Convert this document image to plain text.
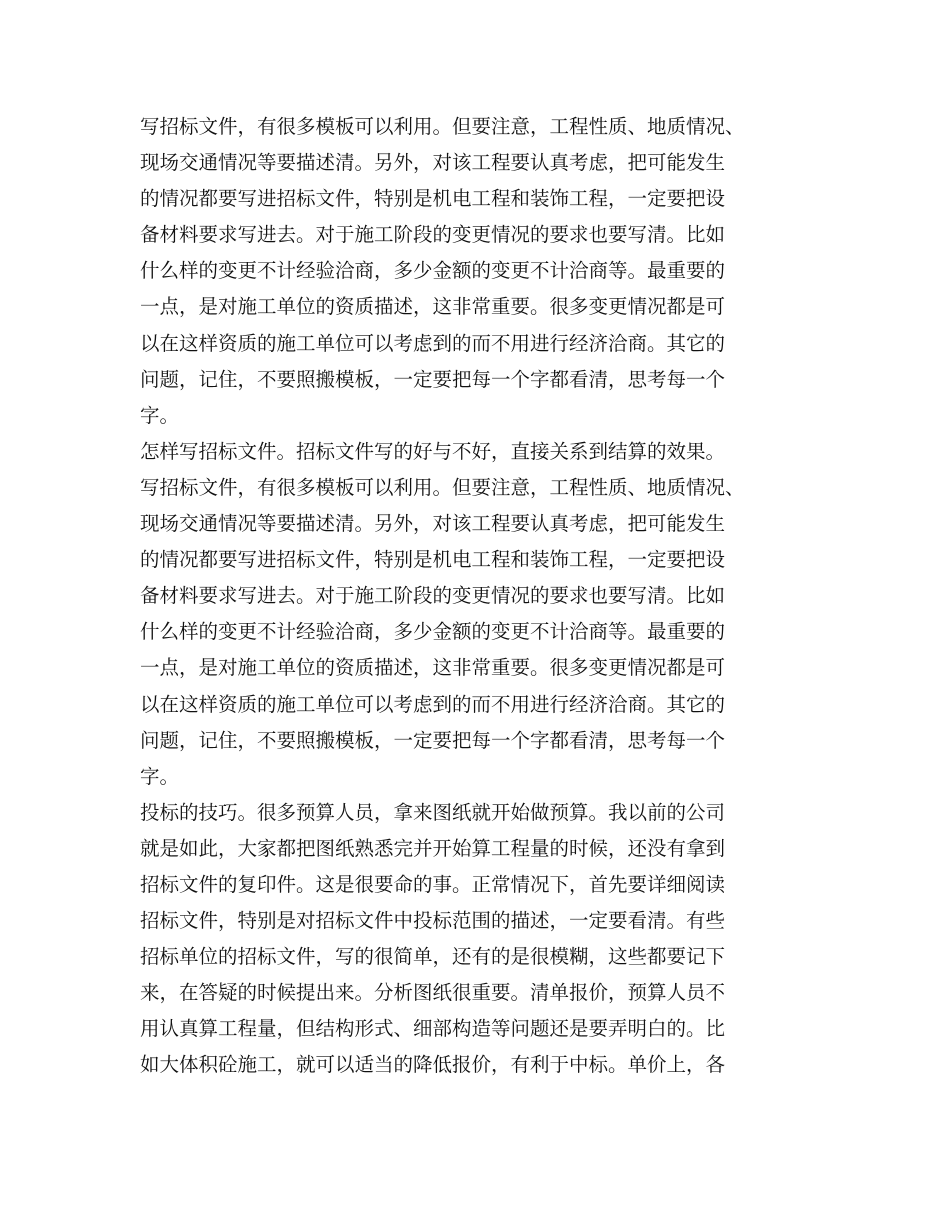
写招标文件，有很多模板可以利用。但要注意，工程性质、地质情况、
现场交通情况等要描述清。另外，对该工程要认真考虑，把可能发生
的情况都要写进招标文件，特别是机电工程和装饰工程，一定要把设
备材料要求写进去。对于施工阶段的变更情况的要求也要写清。比如
什么样的变更不计经验洽商，多少金额的变更不计洽商等。最重要的
一点，是对施工单位的资质描述，这非常重要。很多变更情况都是可
以在这样资质的施工单位可以考虑到的而不用进行经济洽商。其它的
问题，记住，不要照搬模板，一定要把每一个字都看清，思考每一个
字。
怎样写招标文件。招标文件写的好与不好，直接关系到结算的效果。
写招标文件，有很多模板可以利用。但要注意，工程性质、地质情况、
现场交通情况等要描述清。另外，对该工程要认真考虑，把可能发生
的情况都要写进招标文件，特别是机电工程和装饰工程，一定要把设
备材料要求写进去。对于施工阶段的变更情况的要求也要写清。比如
什么样的变更不计经验洽商，多少金额的变更不计洽商等。最重要的
一点，是对施工单位的资质描述，这非常重要。很多变更情况都是可
以在这样资质的施工单位可以考虑到的而不用进行经济洽商。其它的
问题，记住，不要照搬模板，一定要把每一个字都看清，思考每一个
字。
投标的技巧。很多预算人员，拿来图纸就开始做预算。我以前的公司
就是如此，大家都把图纸熟悉完并开始算工程量的时候，还没有拿到
招标文件的复印件。这是很要命的事。正常情况下，首先要详细阅读
招标文件，特别是对招标文件中投标范围的描述，一定要看清。有些
招标单位的招标文件，写的很简单，还有的是很模糊，这些都要记下
来，在答疑的时候提出来。分析图纸很重要。清单报价，预算人员不
用认真算工程量，但结构形式、细部构造等问题还是要弄明白的。比
如大体积砼施工，就可以适当的降低报价，有利于中标。单价上，各
